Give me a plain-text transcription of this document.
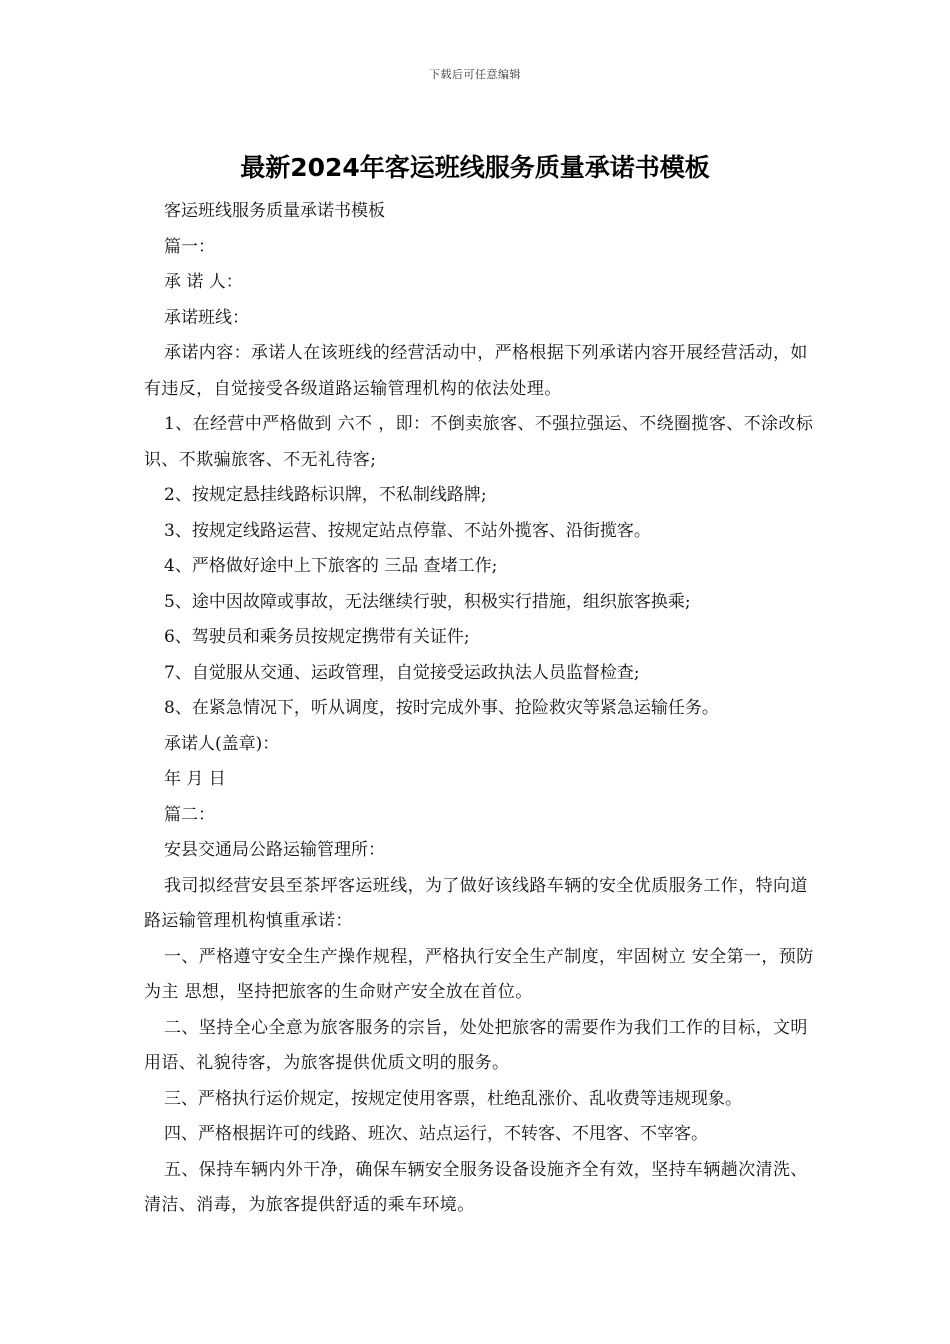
下载后可任意编辑
最新2024年客运班线服务质量承诺书模板

客运班线服务质量承诺书模板

篇一：

承 诺 人：

承诺班线：

承诺内容：承诺人在该班线的经营活动中，严格根据下列承诺内容开展经营活动，如有违反，自觉接受各级道路运输管理机构的依法处理。

1、在经营中严格做到 六不 ，即：不倒卖旅客、不强拉强运、不绕圈揽客、不涂改标识、不欺骗旅客、不无礼待客;

2、按规定悬挂线路标识牌，不私制线路牌;

3、按规定线路运营、按规定站点停靠、不站外揽客、沿街揽客。

4、严格做好途中上下旅客的 三品 查堵工作;

5、途中因故障或事故，无法继续行驶，积极实行措施，组织旅客换乘;

6、驾驶员和乘务员按规定携带有关证件;

7、自觉服从交通、运政管理，自觉接受运政执法人员监督检查;

8、在紧急情况下，听从调度，按时完成外事、抢险救灾等紧急运输任务。

承诺人(盖章)：

年 月 日

篇二：

安县交通局公路运输管理所：

我司拟经营安县至茶坪客运班线，为了做好该线路车辆的安全优质服务工作，特向道路运输管理机构慎重承诺：

一、严格遵守安全生产操作规程，严格执行安全生产制度，牢固树立 安全第一，预防为主 思想，坚持把旅客的生命财产安全放在首位。

二、坚持全心全意为旅客服务的宗旨，处处把旅客的需要作为我们工作的目标，文明用语、礼貌待客，为旅客提供优质文明的服务。

三、严格执行运价规定，按规定使用客票，杜绝乱涨价、乱收费等违规现象。

四、严格根据许可的线路、班次、站点运行，不转客、不甩客、不宰客。

五、保持车辆内外干净，确保车辆安全服务设备设施齐全有效，坚持车辆趟次清洗、清洁、消毒，为旅客提供舒适的乘车环境。
